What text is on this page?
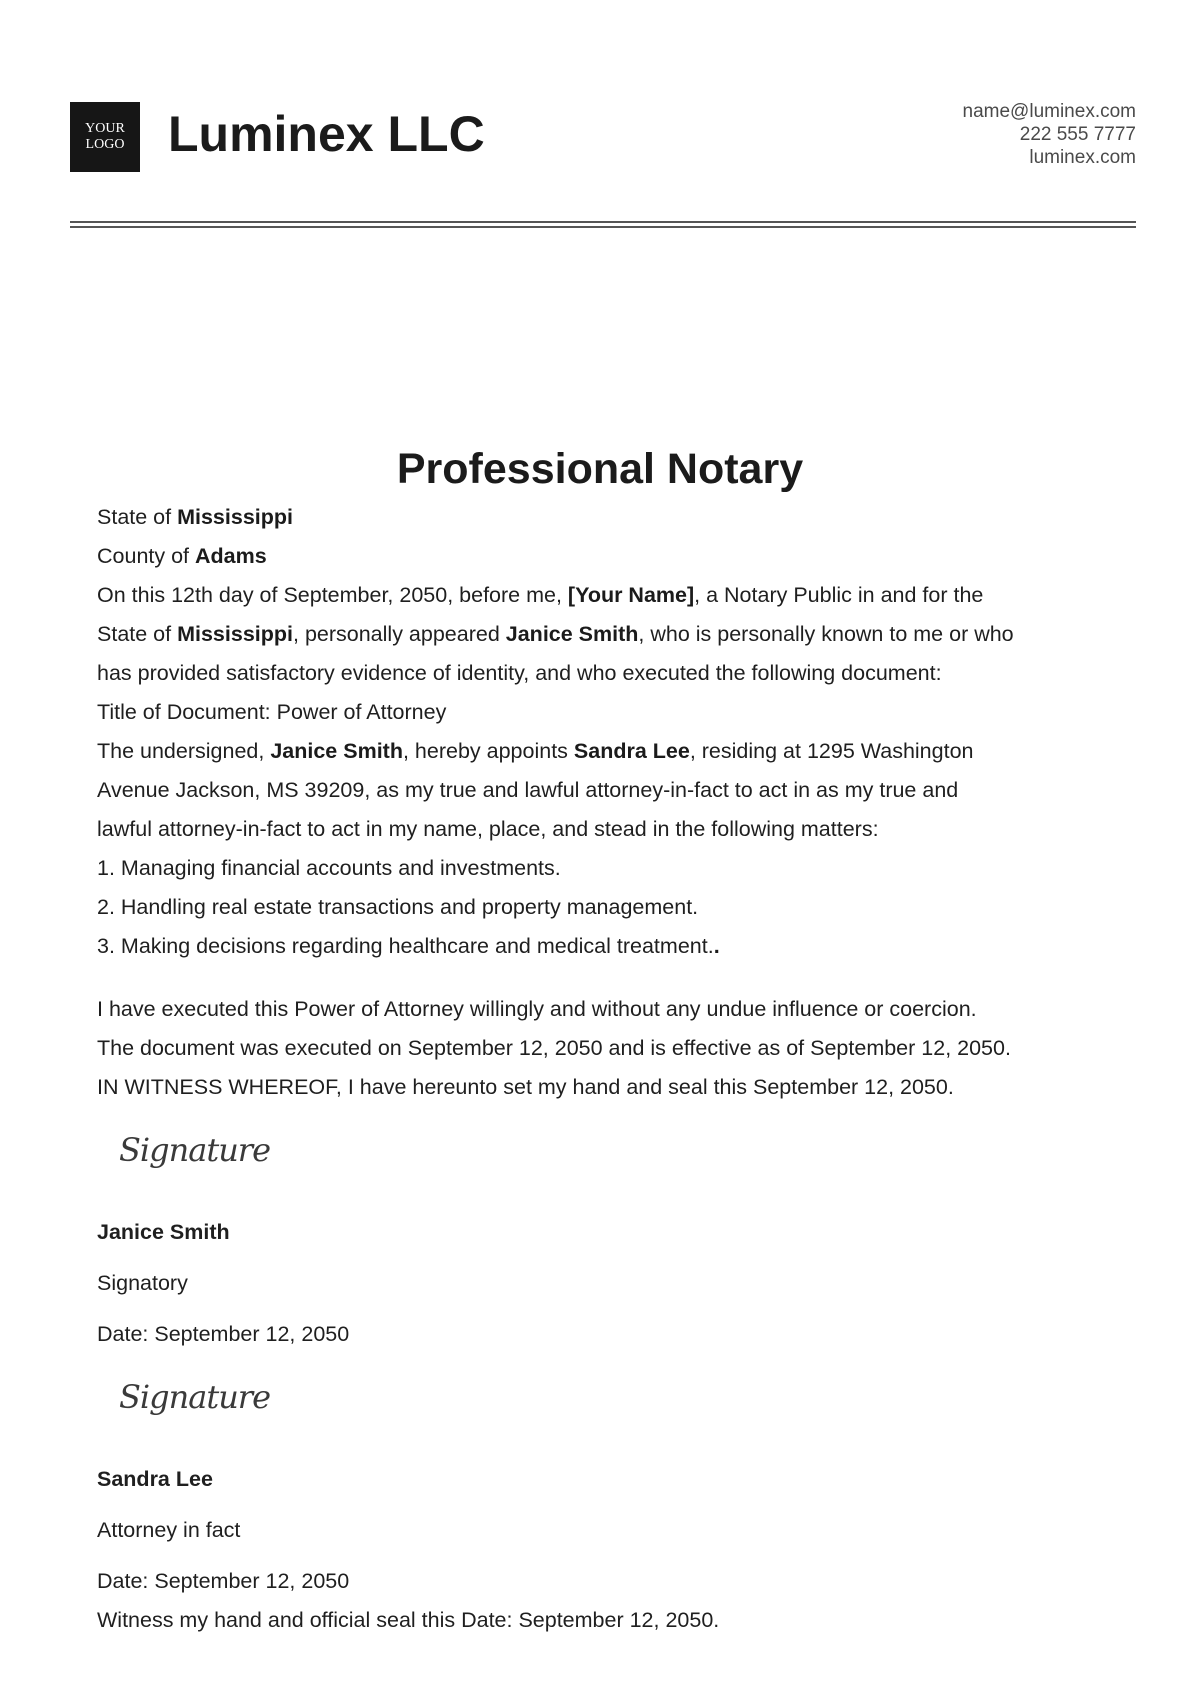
YOUR
LOGO Luminex LLC	name@luminex.com
222 555 7777
luminex.com
Professional Notary
State of Mississippi
County of Adams
On this 12th day of September, 2050, before me, [Your Name], a Notary Public in and for the
State of Mississippi, personally appeared Janice Smith, who is personally known to me or who
has provided satisfactory evidence of identity, and who executed the following document:
Title of Document: Power of Attorney
The undersigned, Janice Smith, hereby appoints Sandra Lee, residing at 1295 Washington
Avenue Jackson, MS 39209, as my true and lawful attorney-in-fact to act in as my true and
lawful attorney-in-fact to act in my name, place, and stead in the following matters:
1. Managing financial accounts and investments.
2. Handling real estate transactions and property management.
3. Making decisions regarding healthcare and medical treatment..
I have executed this Power of Attorney willingly and without any undue influence or coercion.
The document was executed on September 12, 2050 and is effective as of September 12, 2050.
IN WITNESS WHEREOF, I have hereunto set my hand and seal this September 12, 2050.
Signature
Janice Smith
Signatory
Date: September 12, 2050
Signature
Sandra Lee
Attorney in fact
Date: September 12, 2050
Witness my hand and official seal this Date: September 12, 2050.
